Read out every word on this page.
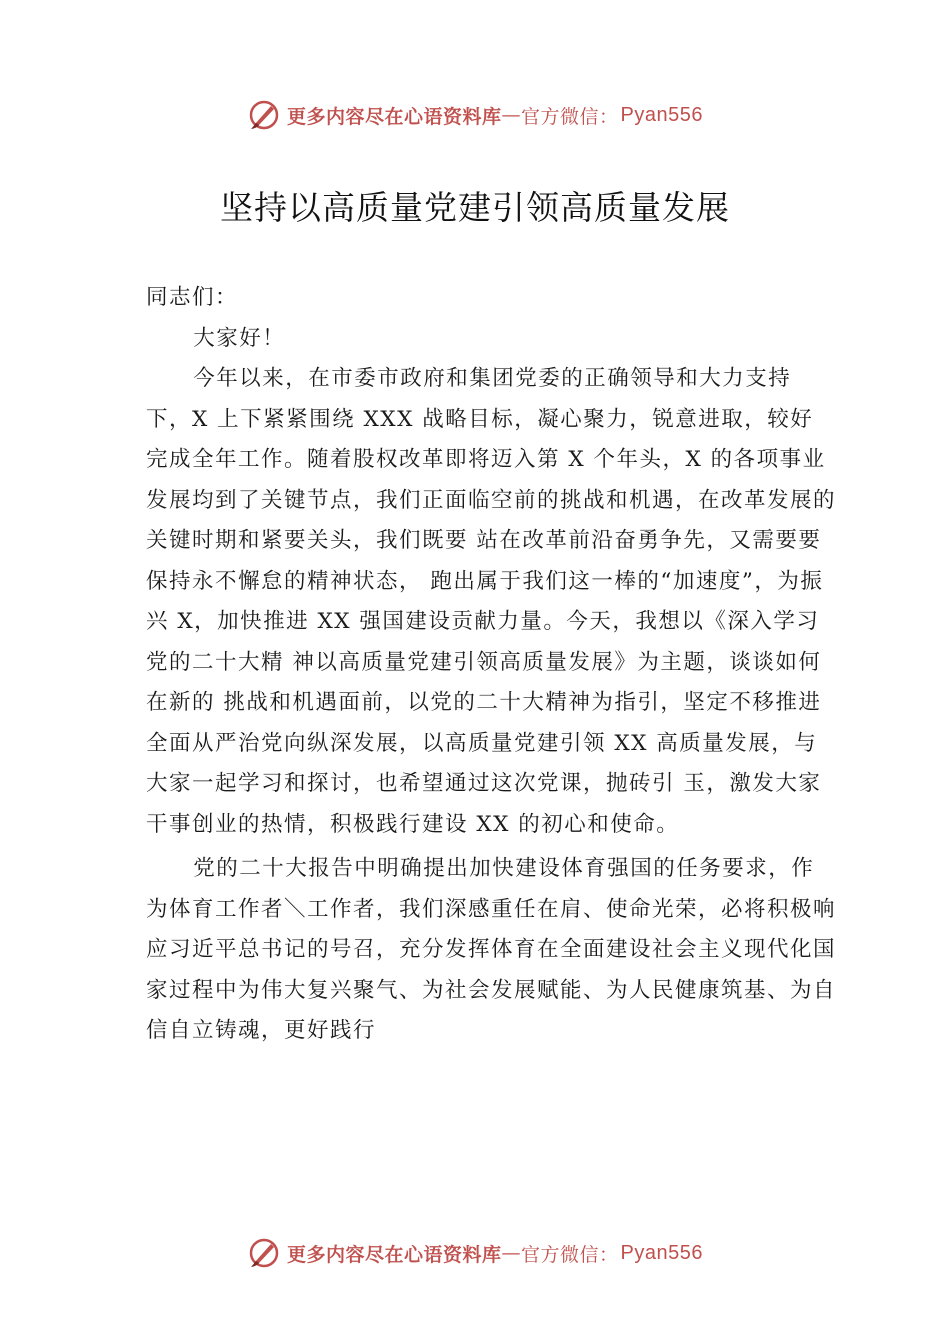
更多内容尽在心语资料库 — 官方微信： Pyan556
坚持以高质量党建引领高质量发展

同志们：

大家好！

今年以来，在市委市政府和集团党委的正确领导和大力支持下，X 上下紧紧围绕 XXX 战略目标，凝心聚力，锐意进取，较好完成全年工作。随着股权改革即将迈入第 X 个年头，X 的各项事业发展均到了关键节点，我们正面临空前的挑战和机遇，在改革发展的关键时期和紧要关头，我们既要 站在改革前沿奋勇争先，又需要要保持永不懈怠的精神状态， 跑出属于我们这一棒的“加速度”，为振兴 X，加快推进 XX 强国建设贡献力量。今天，我想以《深入学习党的二十大精 神以高质量党建引领高质量发展》为主题，谈谈如何在新的 挑战和机遇面前，以党的二十大精神为指引，坚定不移推进 全面从严治党向纵深发展，以高质量党建引领 XX 高质量发展，与大家一起学习和探讨，也希望通过这次党课，抛砖引 玉，激发大家干事创业的热情，积极践行建设 XX 的初心和使命。

党的二十大报告中明确提出加快建设体育强国的任务要求，作为体育工作者＼工作者，我们深感重任在肩、使命光荣，必将积极响应习近平总书记的号召，充分发挥体育在全面建设社会主义现代化国家过程中为伟大复兴聚气、为社会发展赋能、为人民健康筑基、为自信自立铸魂，更好践行

更多内容尽在心语资料库 — 官方微信： Pyan556
